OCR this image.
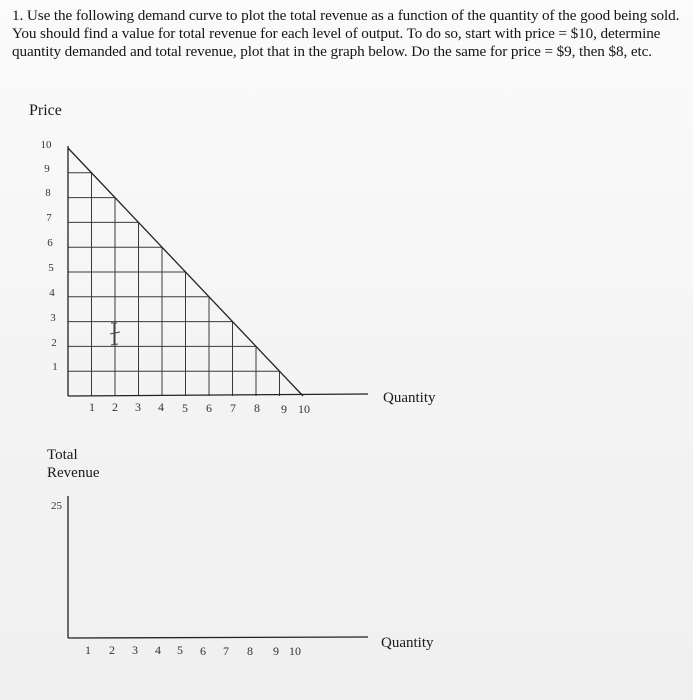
1. Use the following demand curve to plot the total revenue as a function of the quantity of the good being sold. You should find a value for total revenue for each level of output. To do so, start with price = $10, determine quantity demanded and total revenue, plot that in the graph below. Do the same for price = $9, then $8, etc.
Price
Quantity
10
9
8
7
6
5
4
3
2
1
1	2	3	4	5	6	7	8	9 10
Total
Revenue
25
Quantity
1	2	3	4	5	6	7	8	9 10
